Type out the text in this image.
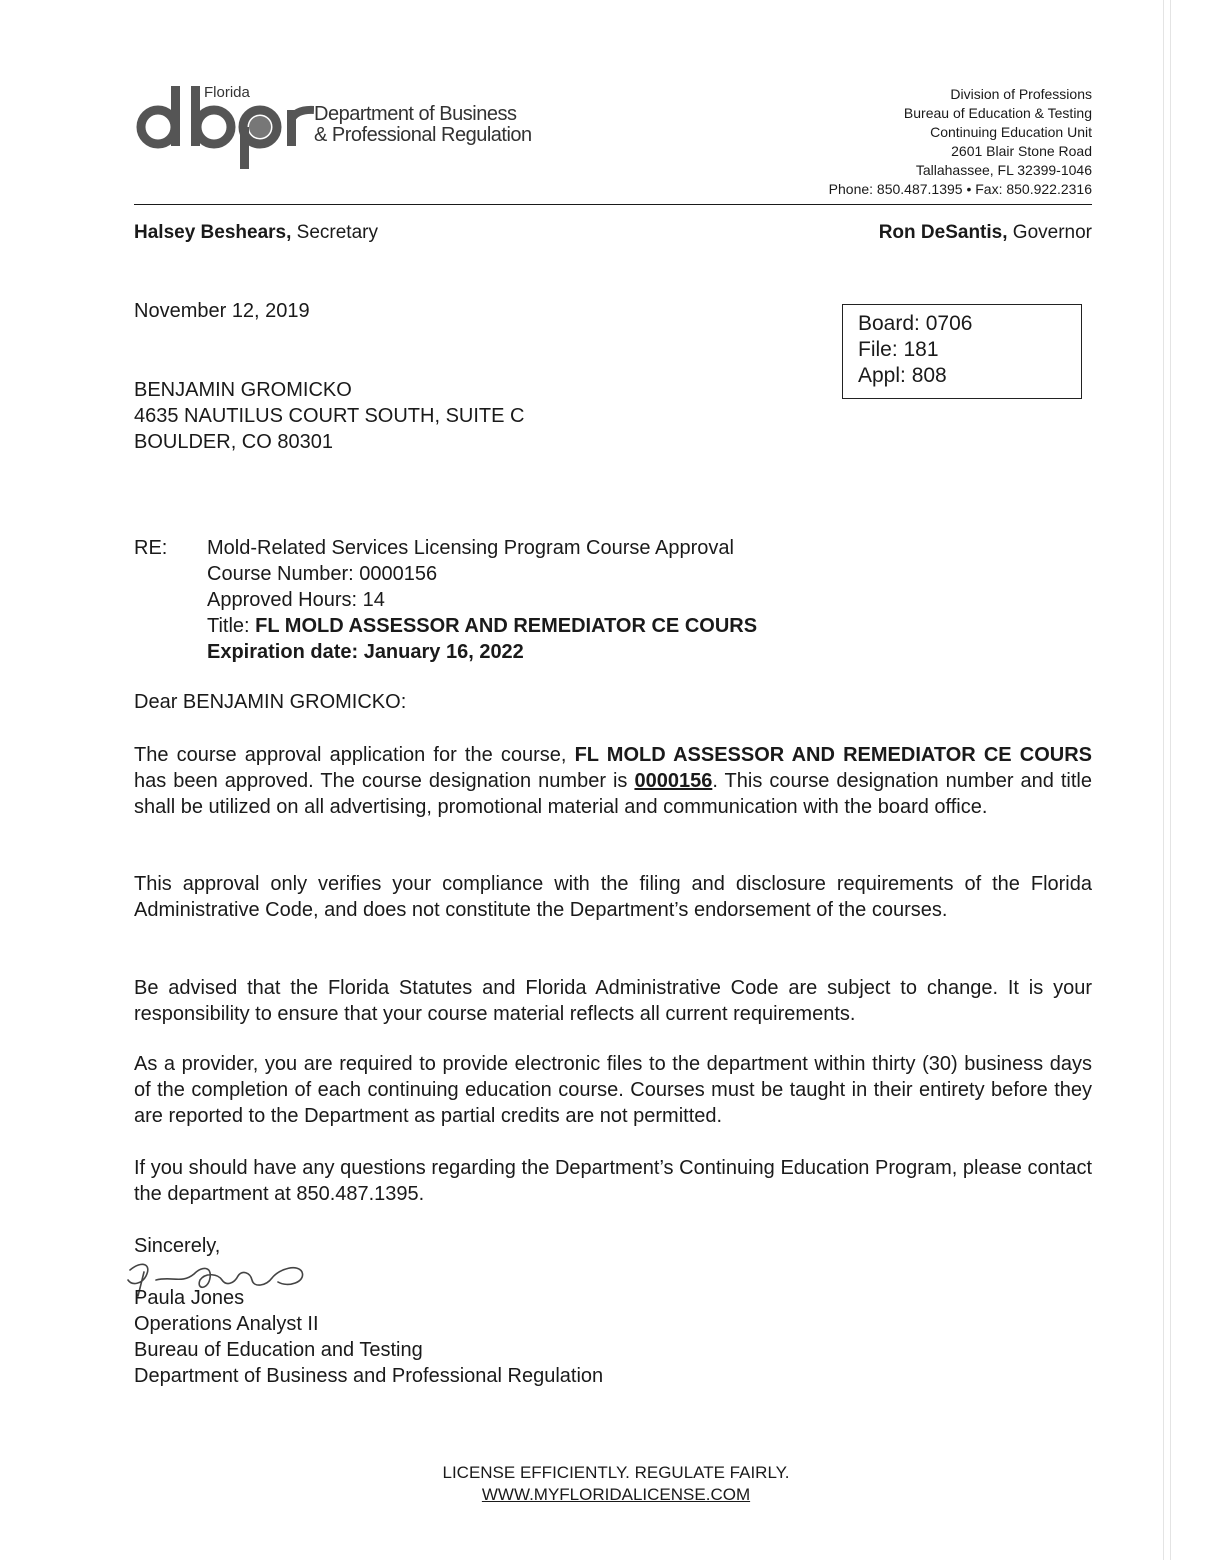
Florida
Department of Business
& Professional Regulation
Division of Professions
Bureau of Education & Testing
Continuing Education Unit
2601 Blair Stone Road
Tallahassee, FL 32399-1046
Phone: 850.487.1395 • Fax: 850.922.2316
Halsey Beshears, Secretary	Ron DeSantis, Governor
November 12, 2019
Board: 0706
File: 181
Appl: 808
BENJAMIN GROMICKO
4635 NAUTILUS COURT SOUTH, SUITE C
BOULDER, CO 80301
RE: Mold-Related Services Licensing Program Course Approval
Course Number: 0000156
Approved Hours: 14
Title: FL MOLD ASSESSOR AND REMEDIATOR CE COURS
Expiration date: January 16, 2022
Dear BENJAMIN GROMICKO:

The course approval application for the course, FL MOLD ASSESSOR AND REMEDIATOR CE COURS has been approved. The course designation number is 0000156. This course designation number and title shall be utilized on all advertising, promotional material and communication with the board office.

This approval only verifies your compliance with the filing and disclosure requirements of the Florida Administrative Code, and does not constitute the Department’s endorsement of the courses.

Be advised that the Florida Statutes and Florida Administrative Code are subject to change. It is your responsibility to ensure that your course material reflects all current requirements.

As a provider, you are required to provide electronic files to the department within thirty (30) business days of the completion of each continuing education course. Courses must be taught in their entirety before they are reported to the Department as partial credits are not permitted.

If you should have any questions regarding the Department’s Continuing Education Program, please contact the department at 850.487.1395.

Sincerely,
Paula Jones
Operations Analyst II
Bureau of Education and Testing
Department of Business and Professional Regulation
LICENSE EFFICIENTLY. REGULATE FAIRLY.
WWW.MYFLORIDALICENSE.COM
